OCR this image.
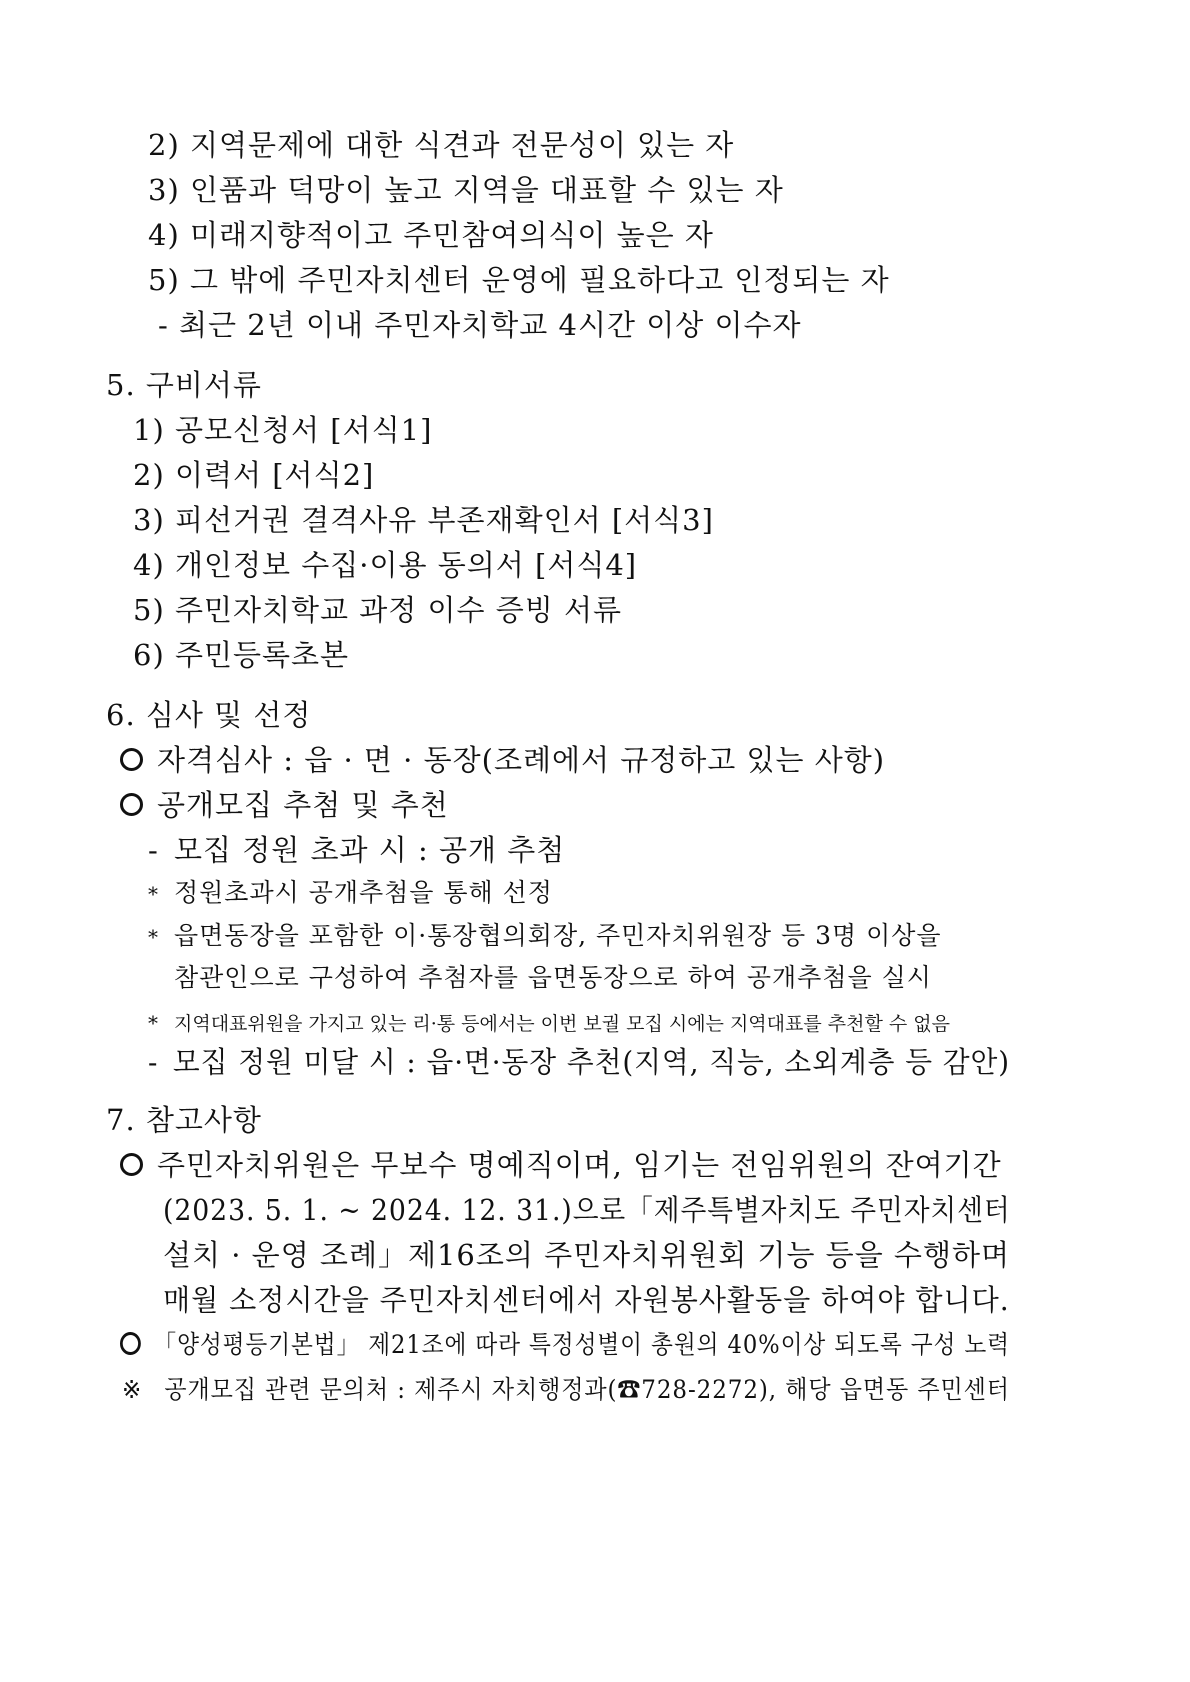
2) 지역문제에 대한 식견과 전문성이 있는 자
3) 인품과 덕망이 높고 지역을 대표할 수 있는 자
4) 미래지향적이고 주민참여의식이 높은 자
5) 그 밖에 주민자치센터 운영에 필요하다고 인정되는 자
- 최근 2년 이내 주민자치학교 4시간 이상 이수자
5. 구비서류
1) 공모신청서 [서식1]
2) 이력서 [서식2]
3) 피선거권 결격사유 부존재확인서 [서식3]
4) 개인정보 수집·이용 동의서 [서식4]
5) 주민자치학교 과정 이수 증빙 서류
6) 주민등록초본
6. 심사 및 선정
자격심사 : 읍 · 면 · 동장(조례에서 규정하고 있는 사항)
공개모집 추첨 및 추천
- 모집 정원 초과 시 : 공개 추첨
* 정원초과시 공개추첨을 통해 선정
* 읍면동장을 포함한 이·통장협의회장, 주민자치위원장 등 3명 이상을
참관인으로 구성하여 추첨자를 읍면동장으로 하여 공개추첨을 실시
* 지역대표위원을 가지고 있는 리·통 등에서는 이번 보궐 모집 시에는 지역대표를 추천할 수 없음
- 모집 정원 미달 시 : 읍·면·동장 추천(지역, 직능, 소외계층 등 감안)
7. 참고사항
주민자치위원은 무보수 명예직이며, 임기는 전임위원의 잔여기간
(2023. 5. 1. ~ 2024. 12. 31.)으로「제주특별자치도 주민자치센터
설치 · 운영 조례」제16조의 주민자치위원회 기능 등을 수행하며
매월 소정시간을 주민자치센터에서 자원봉사활동을 하여야 합니다.
「양성평등기본법」 제21조에 따라 특정성별이 총원의 40%이상 되도록 구성 노력
※ 공개모집 관련 문의처 : 제주시 자치행정과(☎728-2272), 해당 읍면동 주민센터
